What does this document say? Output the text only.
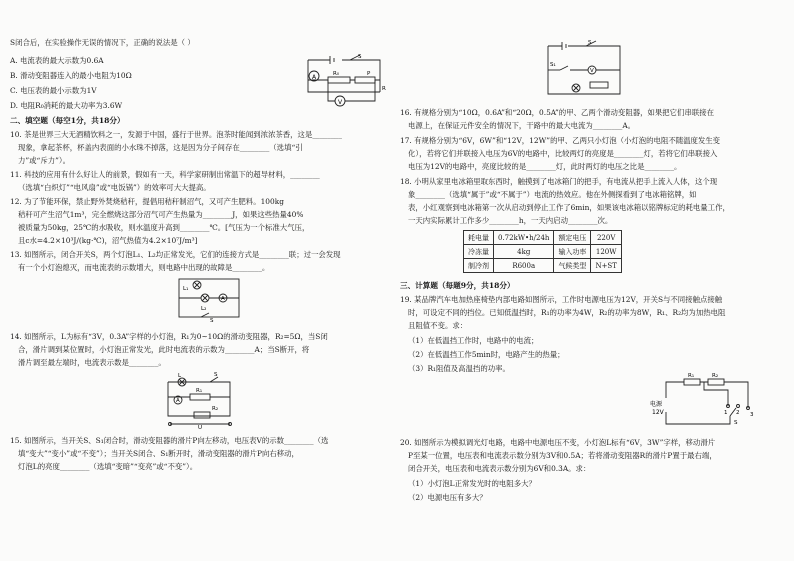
S闭合后，在实验操作无误的情况下，正确的说法是（ ）
A. 电流表的最大示数为0.6A
B. 滑动变阻器连入的最小电阻为10Ω
C. 电压表的最小示数为1V
D. 电阻R₀消耗的最大功率为3.6W
二、填空题（每空1分，共18分）
10. 茶是世界三大无酒精饮料之一，发源于中国，盛行于世界。泡茶时能闻到浓浓茶香，这是________
现象，拿起茶杯，杯盖内表面的小水珠不掉落，这是因为分子间存在________（选填“引
力”或“斥力”）。
11. 科技的应用有什么好让人的前景，假如有一天，科学家研制出常温下的超导材料，________
（选填“白炽灯”“电风扇”或“电饭锅”）的效率可大大提高。
12. 为了节能环保，禁止野外焚烧秸秆，提倡用秸秆制沼气，又可产生肥料。100kg
秸秆可产生沼气1m³，完全燃烧这部分沼气可产生热量为________J，如果这些热量40%
被质量为50kg，25℃的水吸收，则水温度升高到________℃。[气压为一个标准大气压，
且c水=4.2×10³J/(kg·℃)，沼气热值为4.2×10⁷J/m³]
13. 如图所示，闭合开关S，两个灯泡L₁、L₂均正常发光，它们的连接方式是________联；过一会发现
有一个小灯泡熄灭，而电流表的示数增大，则电路中出现的故障是________。
14. 如图所示，L为标有“3V，0.3A”字样的小灯泡，R₁为0~10Ω的滑动变阻器，R₂=5Ω，当S闭
合，滑片调到某位置时，小灯泡正常发光，此时电流表的示数为________A；当S断开，将
滑片调至最左端时，电流表示数是________。
15. 如图所示，当开关S、S₁闭合时，滑动变阻器的滑片P向左移动，电压表V的示数________（选
填“变大”“变小”或“不变”）；当开关S闭合、S₁断开时，滑动变阻器的滑片P向右移动，
灯泡L的亮度________（选填“变暗”“变亮”或“不变”）。
A
V
R₀	P
S
R
L₁
L₂
A
S
L	S
R₁
R₂
A
U
16. 有规格分别为“10Ω，0.6A”和“20Ω，0.5A”的甲、乙两个滑动变阻器，如果把它们串联接在
电源上，在保证元件安全的情况下，干路中的最大电流为________A。
17. 有规格分别为“6V，6W”和“12V，12W”的甲、乙两只小灯泡（小灯泡的电阻不随温度发生变
化），若将它们并联接入电压为6V的电路中，比较两灯的亮度是________灯，若将它们串联接入
电压为12V的电路中，亮度比较的是________灯，此时两灯的电压之比是________。
18. 小明从家里电冰箱里取东西时，触摸到了电冰箱门的把手，有电流从把手上流入人体，这个现
象________（选填“属于”或“不属于”）电流的热效应。他在外侧探看到了电冰箱铭牌，如
表，小红观察到电冰箱第一次从启动到停止工作了6min，如果该电冰箱以铭牌标定的耗电量工作，
一天内实际累计工作多少________h，一天内启动________次。
三、计算题（每题9分，共18分）
19. 某品牌汽车电加热座椅垫内部电路如图所示，工作时电源电压为12V，开关S与不同接触点接触
时，可设定不同的挡位。已知低温挡时，R₁的功率为4W，R₂的功率为8W，R₁、R₂均为加热电阻
且阻值不变。求：
（1）在低温挡工作时，电路中的电流；
（2）在低温挡工作5min时，电路产生的热量；
（3）R₁阻值及高温挡的功率。
20. 如图所示为模拟调光灯电路，电路中电源电压不变，小灯泡L标有“6V，3W”字样，移动滑片
P至某一位置，电压表和电流表示数分别为3V和0.5A；若将滑动变阻器R的滑片P置于最右端，
闭合开关，电压表和电流表示数分别为6V和0.3A。求：
（1）小灯泡L正常发光时的电阻多大？
（2）电源电压有多大？
耗电量	0.72kW•h/24h	额定电压	220V
冷冻量	4kg	输入功率	120W
制冷剂	R600a	气候类型	N+ST
S
S₁
V
电源
12V
R₁	R₂
1 2 3
S
